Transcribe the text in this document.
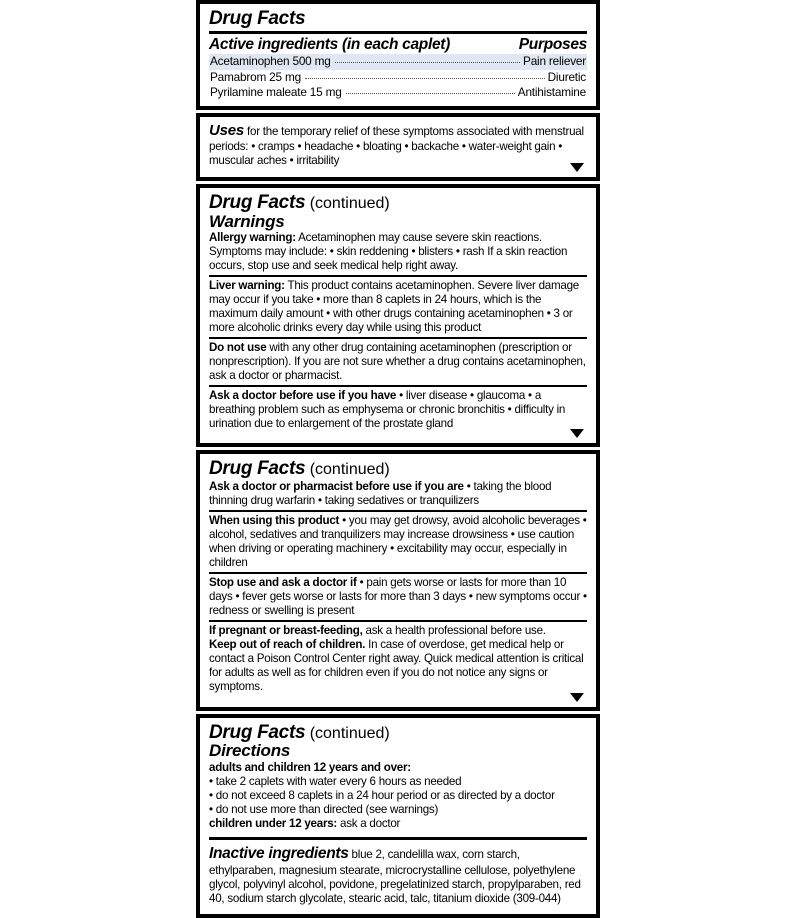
Drug Facts
Active ingredients (in each caplet)	Purposes
Acetaminophen 500 mg	Pain reliever
Pamabrom 25 mg	Diuretic
Pyrilamine maleate 15 mg	Antihistamine
Uses for the temporary relief of these symptoms associated with menstrual periods: • cramps • headache • bloating • backache • water-weight gain • muscular aches • irritability
Drug Facts (continued)
Warnings
Allergy warning: Acetaminophen may cause severe skin reactions. Symptoms may include: • skin reddening • blisters • rash If a skin reaction occurs, stop use and seek medical help right away.
Liver warning: This product contains acetaminophen. Severe liver damage may occur if you take • more than 8 caplets in 24 hours, which is the maximum daily amount • with other drugs containing acetaminophen • 3 or more alcoholic drinks every day while using this product
Do not use with any other drug containing acetaminophen (prescription or nonprescription). If you are not sure whether a drug contains acetaminophen, ask a doctor or pharmacist.
Ask a doctor before use if you have • liver disease • glaucoma • a breathing problem such as emphysema or chronic bronchitis • difficulty in urination due to enlargement of the prostate gland
Drug Facts (continued)
Ask a doctor or pharmacist before use if you are • taking the blood thinning drug warfarin • taking sedatives or tranquilizers
When using this product • you may get drowsy, avoid alcoholic beverages • alcohol, sedatives and tranquilizers may increase drowsiness • use caution when driving or operating machinery • excitability may occur, especially in children
Stop use and ask a doctor if • pain gets worse or lasts for more than 10 days • fever gets worse or lasts for more than 3 days • new symptoms occur • redness or swelling is present
If pregnant or breast-feeding, ask a health professional before use.
Keep out of reach of children. In case of overdose, get medical help or contact a Poison Control Center right away. Quick medical attention is critical for adults as well as for children even if you do not notice any signs or symptoms.
Drug Facts (continued)
Directions
adults and children 12 years and over:
• take 2 caplets with water every 6 hours as needed
• do not exceed 8 caplets in a 24 hour period or as directed by a doctor
• do not use more than directed (see warnings)
children under 12 years: ask a doctor
Inactive ingredients blue 2, candelilla wax, corn starch, ethylparaben, magnesium stearate, microcrystalline cellulose, polyethylene glycol, polyvinyl alcohol, povidone, pregelatinized starch, propylparaben, red 40, sodium starch glycolate, stearic acid, talc, titanium dioxide (309-044)
